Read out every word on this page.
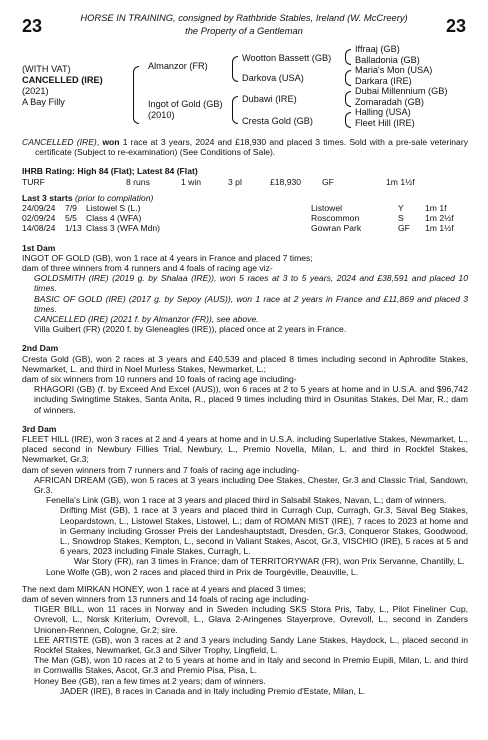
23	23
HORSE IN TRAINING, consigned by Rathbride Stables, Ireland (W. McCreery)
the Property of a Gentleman
(WITH VAT)
CANCELLED (IRE)
(2021)
A Bay Filly
Almanzor (FR)
Ingot of Gold (GB)
(2010)
Wootton Bassett (GB)
Darkova (USA)
Dubawi (IRE)
Cresta Gold (GB)
Iffraaj (GB)
Balladonia (GB)
Maria's Mon (USA)
Darkara (IRE)
Dubai Millennium (GB)
Zomaradah (GB)
Halling (USA)
Fleet Hill (IRE)

CANCELLED (IRE), won 1 race at 3 years, 2024 and £18,930 and placed 3 times. Sold with a pre-sale veterinary certificate (Subject to re-examination) (See Conditions of Sale).

IHRB Rating: High 84 (Flat); Latest 84 (Flat)

TURF	8 runs	1 win	3 pl	£18,930 GF	1m 1½f

Last 3 starts (prior to compilation)

24/09/24 7/9 Listowel S (L.)	Listowel	Y 1m 1f
02/09/24 5/5 Class 4 (WFA)	Roscommon	S 1m 2½f
14/08/24 1/13 Class 3 (WFA Mdn)	Gowran Park	GF 1m 1½f

1st Dam

INGOT OF GOLD (GB), won 1 race at 4 years in France and placed 7 times;

dam of three winners from 4 runners and 4 foals of racing age viz-

GOLDSMITH (IRE) (2019 g. by Shalaa (IRE)), won 5 races at 3 to 5 years, 2024 and £38,591 and placed 10 times.

BASIC OF GOLD (IRE) (2017 g. by Sepoy (AUS)), won 1 race at 2 years in France and £11,869 and placed 3 times.

CANCELLED (IRE) (2021 f. by Almanzor (FR)), see above.

Villa Guibert (FR) (2020 f. by Gleneagles (IRE)), placed once at 2 years in France.

2nd Dam

Cresta Gold (GB), won 2 races at 3 years and £40,539 and placed 8 times including second in Aphrodite Stakes, Newmarket, L. and third in Noel Murless Stakes, Newmarket, L.;

dam of six winners from 10 runners and 10 foals of racing age including-

RHAGORI (GB) (f. by Exceed And Excel (AUS)), won 6 races at 2 to 5 years at home and in U.S.A. and $96,742 including Swingtime Stakes, Santa Anita, R., placed 9 times including third in Osunitas Stakes, Del Mar, R.; dam of winners.

3rd Dam

FLEET HILL (IRE), won 3 races at 2 and 4 years at home and in U.S.A. including Superlative Stakes, Newmarket, L., placed second in Newbury Fillies Trial, Newbury, L., Premio Novella, Milan, L. and third in Rockfel Stakes, Newmarket, Gr.3;

dam of seven winners from 7 runners and 7 foals of racing age including-

AFRICAN DREAM (GB), won 5 races at 3 years including Dee Stakes, Chester, Gr.3 and Classic Trial, Sandown, Gr.3.

Fenella's Link (GB), won 1 race at 3 years and placed third in Salsabil Stakes, Navan, L.; dam of winners.

Drifting Mist (GB), 1 race at 3 years and placed third in Curragh Cup, Curragh, Gr.3, Saval Beg Stakes, Leopardstown, L., Listowel Stakes, Listowel, L.; dam of ROMAN MIST (IRE), 7 races to 2023 at home and in Germany including Grosser Preis der Landeshauptstadt, Dresden, Gr.3, Conqueror Stakes, Goodwood, L., Snowdrop Stakes, Kempton, L., second in Valiant Stakes, Ascot, Gr.3, VISCHIO (IRE), 5 races at 5 and 6 years, 2023 including Finale Stakes, Curragh, L.

War Story (FR), ran 3 times in France; dam of TERRITORYWAR (FR), won Prix Servanne, Chantilly, L.

Lone Wolfe (GB), won 2 races and placed third in Prix de Tourgéville, Deauville, L.

The next dam MIRKAN HONEY, won 1 race at 4 years and placed 3 times;

dam of seven winners from 13 runners and 14 foals of racing age including-

TIGER BILL, won 11 races in Norway and in Sweden including SKS Stora Pris, Taby, L., Pilot Fineliner Cup, Ovrevoll, L., Norsk Kriterium, Ovrevoll, L., Glava 2-Aringenes Stayerprove, Ovrevoll, L., second in Zanders Unionen-Rennen, Cologne, Gr.2; sire.

LEE ARTISTE (GB), won 3 races at 2 and 3 years including Sandy Lane Stakes, Haydock, L., placed second in Rockfel Stakes, Newmarket, Gr.3 and Silver Trophy, Lingfield, L.

The Man (GB), won 10 races at 2 to 5 years at home and in Italy and second in Premio Eupili, Milan, L. and third in Cornwallis Stakes, Ascot, Gr.3 and Premio Pisa, Pisa, L.

Honey Bee (GB), ran a few times at 2 years; dam of winners.

JADER (IRE), 8 races in Canada and in Italy including Premio d'Estate, Milan, L.
